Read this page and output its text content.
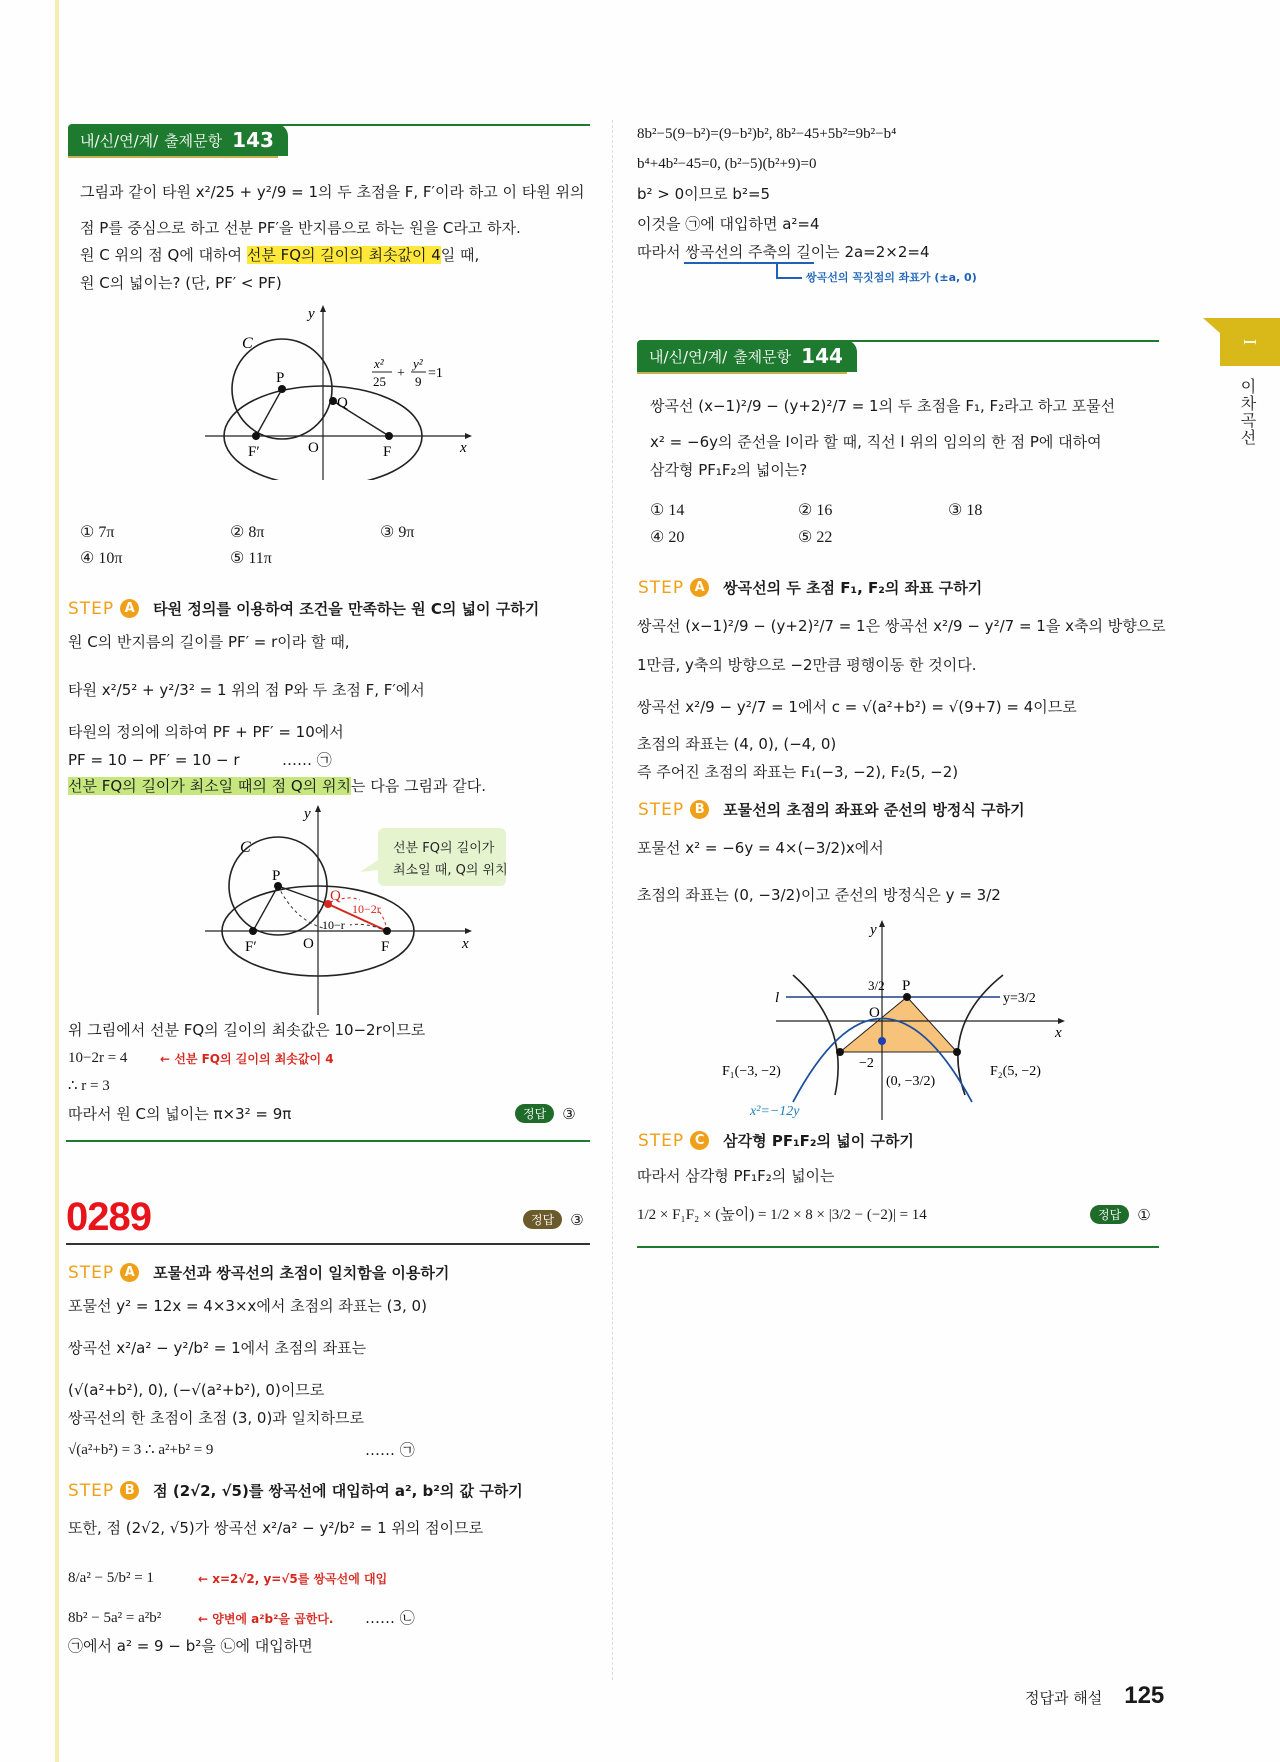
내/신/연/계/ 출제문항 143
그림과 같이 타원 x²/25 + y²/9 = 1의 두 초점을 F, F′이라 하고 이 타원 위의
점 P를 중심으로 하고 선분 PF′을 반지름으로 하는 원을 C라고 하자.
원 C 위의 점 Q에 대하여 선분 FQ의 길이의 최솟값이 4일 때,
원 C의 넓이는? (단, PF′ < PF)
y
x
C
P
Q
O	F
F′
x²
25
+
y²
9
=1
① 7π	② 8π	③ 9π
④ 10π	⑤ 11π
STEP A 타원 정의를 이용하여 조건을 만족하는 원 C의 넓이 구하기
원 C의 반지름의 길이를 PF′ = r이라 할 때,
타원 x²/5² + y²/3² = 1 위의 점 P와 두 초점 F, F′에서
타원의 정의에 의하여 PF + PF′ = 10에서
PF = 10 − PF′ = 10 − r	…… ㉠
선분 FQ의 길이가 최소일 때의 점 Q의 위치는 다음 그림과 같다.
선분 FQ의 길이가
최소일 때, Q의 위치
y
x
C
P
Q
O	F
F′
10−2r
10−r
위 그림에서 선분 FQ의 길이의 최솟값은 10−2r이므로
10−2r = 4	← 선분 FQ의 길이의 최솟값이 4
∴ r = 3
따라서 원 C의 넓이는 π×3² = 9π	정답	③
0289	정답	③
STEP A 포물선과 쌍곡선의 초점이 일치함을 이용하기
포물선 y² = 12x = 4×3×x에서 초점의 좌표는 (3, 0)
쌍곡선 x²/a² − y²/b² = 1에서 초점의 좌표는
(√(a²+b²), 0), (−√(a²+b²), 0)이므로
쌍곡선의 한 초점이 초점 (3, 0)과 일치하므로
√(a²+b²) = 3 ∴ a²+b² = 9	…… ㉠
STEP B	점 (2√2, √5)를 쌍곡선에 대입하여 a², b²의 값 구하기
또한, 점 (2√2, √5)가 쌍곡선 x²/a² − y²/b² = 1 위의 점이므로
8/a² − 5/b² = 1	← x=2√2, y=√5를 쌍곡선에 대입
8b² − 5a² = a²b²	← 양변에 a²b²을 곱한다. …… ㉡
㉠에서 a² = 9 − b²을 ㉡에 대입하면
8b²−5(9−b²)=(9−b²)b², 8b²−45+5b²=9b²−b⁴
b⁴+4b²−45=0, (b²−5)(b²+9)=0
b² > 0이므로 b²=5
이것을 ㉠에 대입하면 a²=4
따라서 쌍곡선의 주축의 길이는 2a=2×2=4
쌍곡선의 꼭짓점의 좌표가 (±a, 0)
내/신/연/계/ 출제문항 144
쌍곡선 (x−1)²/9 − (y+2)²/7 = 1의 두 초점을 F₁, F₂라고 하고 포물선
x² = −6y의 준선을 l이라 할 때, 직선 l 위의 임의의 한 점 P에 대하여
삼각형 PF₁F₂의 넓이는?
① 14	② 16	③ 18
④ 20	⑤ 22
STEP A 쌍곡선의 두 초점 F₁, F₂의 좌표 구하기
쌍곡선 (x−1)²/9 − (y+2)²/7 = 1은 쌍곡선 x²/9 − y²/7 = 1을 x축의 방향으로
1만큼, y축의 방향으로 −2만큼 평행이동 한 것이다.
쌍곡선 x²/9 − y²/7 = 1에서 c = √(a²+b²) = √(9+7) = 4이므로
초점의 좌표는 (4, 0), (−4, 0)
즉 주어진 초점의 좌표는 F₁(−3, −2), F₂(5, −2)
STEP B	포물선의 초점의 좌표와 준선의 방정식 구하기
포물선 x² = −6y = 4×(−3/2)x에서
초점의 좌표는 (0, −3/2)이고 준선의 방정식은 y = 3/2
y
x
O
P
l	y=3/2
3/2
−2
F₁(−3, −2)	F₂(5, −2)
(0, −3/2)
x²=−12y
STEP C	삼각형 PF₁F₂의 넓이 구하기
따라서 삼각형 PF₁F₂의 넓이는
1/2 × F₁F₂ × (높이) = 1/2 × 8 × |3/2 − (−2)| = 14	정답	①
I
이차곡선
정답과 해설 125
